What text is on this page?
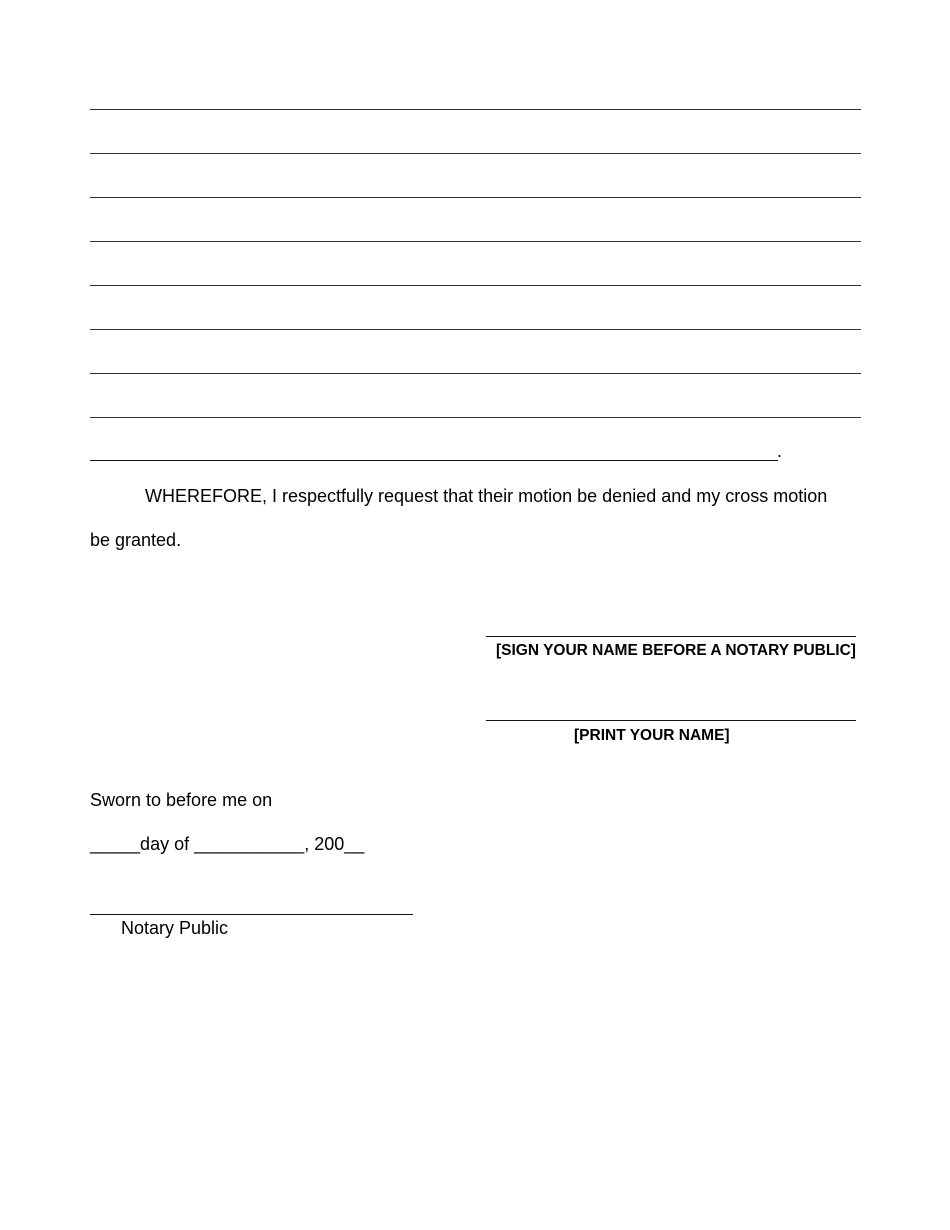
.
WHEREFORE, I respectfully request that their motion be denied and my cross motion
be granted.
[SIGN YOUR NAME BEFORE A NOTARY PUBLIC]
[PRINT YOUR NAME]
Sworn to before me on
_____day of ___________, 200__
Notary Public
